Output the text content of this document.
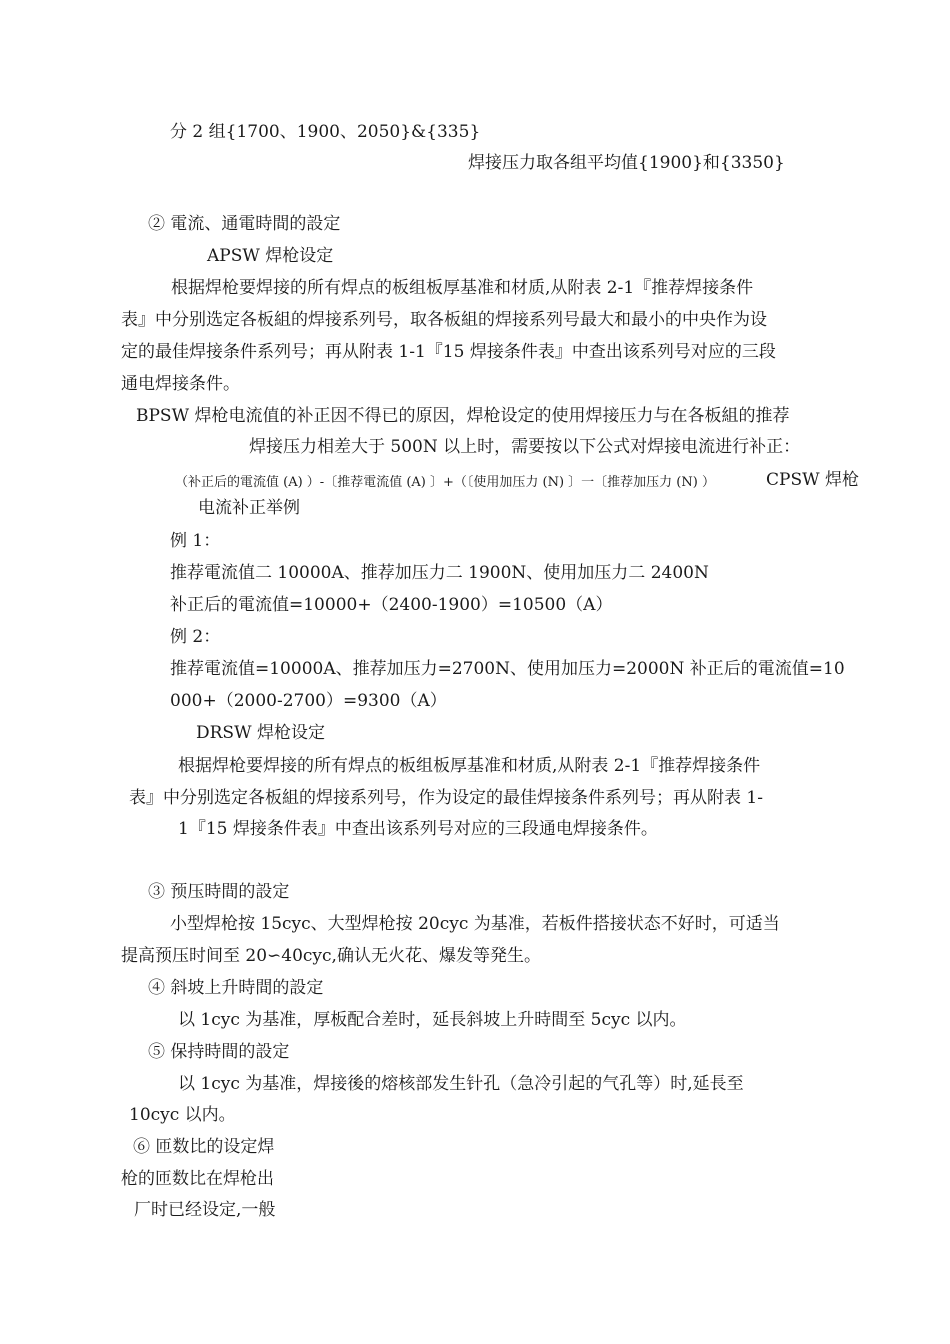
分 2 组{1700、1900、2050}&{335}
焊接压力取各组平均值{1900}和{3350}
② 電流、通電時間的設定
APSW 焊枪设定
根据焊枪要焊接的所有焊点的板组板厚基准和材质,从附表 2-1『推荐焊接条件
表』中分别选定各板組的焊接系列号，取各板組的焊接系列号最大和最小的中央作为设
定的最佳焊接条件系列号；再从附表 1-1『15 焊接条件表』中查出该系列号对应的三段
通电焊接条件。
BPSW 焊枪电流值的补正因不得已的原因，焊枪设定的使用焊接压力与在各板組的推荐
焊接压力相差大于 500N 以上时，需要按以下公式对焊接电流进行补正：
（补正后的電流值 (A) ）-〔推荐電流值 (A) 〕+（〔使用加压力 (N) 〕一〔推荐加压力 (N) ）	CPSW 焊枪
电流补正举例
例 1：
推荐電流值二 10000A、推荐加压力二 1900N、使用加压力二 2400N
补正后的電流值=10000+（2400-1900）=10500（A）
例 2：
推荐電流值=10000A、推荐加压力=2700N、使用加压力=2000N 补正后的電流值=10
000+（2000-2700）=9300（A）
DRSW 焊枪设定
根据焊枪要焊接的所有焊点的板组板厚基准和材质,从附表 2-1『推荐焊接条件
表』中分别选定各板組的焊接系列号，作为设定的最佳焊接条件系列号；再从附表 1-
1『15 焊接条件表』中查出该系列号对应的三段通电焊接条件。
③ 预压時間的設定
小型焊枪按 15cyc、大型焊枪按 20cyc 为基准，若板件搭接状态不好时，可适当
提高预压时间至 20∽40cyc,确认无火花、爆发等発生。
④ 斜坡上升時間的設定
以 1cyc 为基准，厚板配合差时，延長斜坡上升時間至 5cyc 以内。
⑤ 保持時間的設定
以 1cyc 为基准，焊接後的熔核部发生针孔（急冷引起的气孔等）时,延長至
10cyc 以内。
⑥ 匝数比的设定焊
枪的匝数比在焊枪出
厂时已经设定,一般
